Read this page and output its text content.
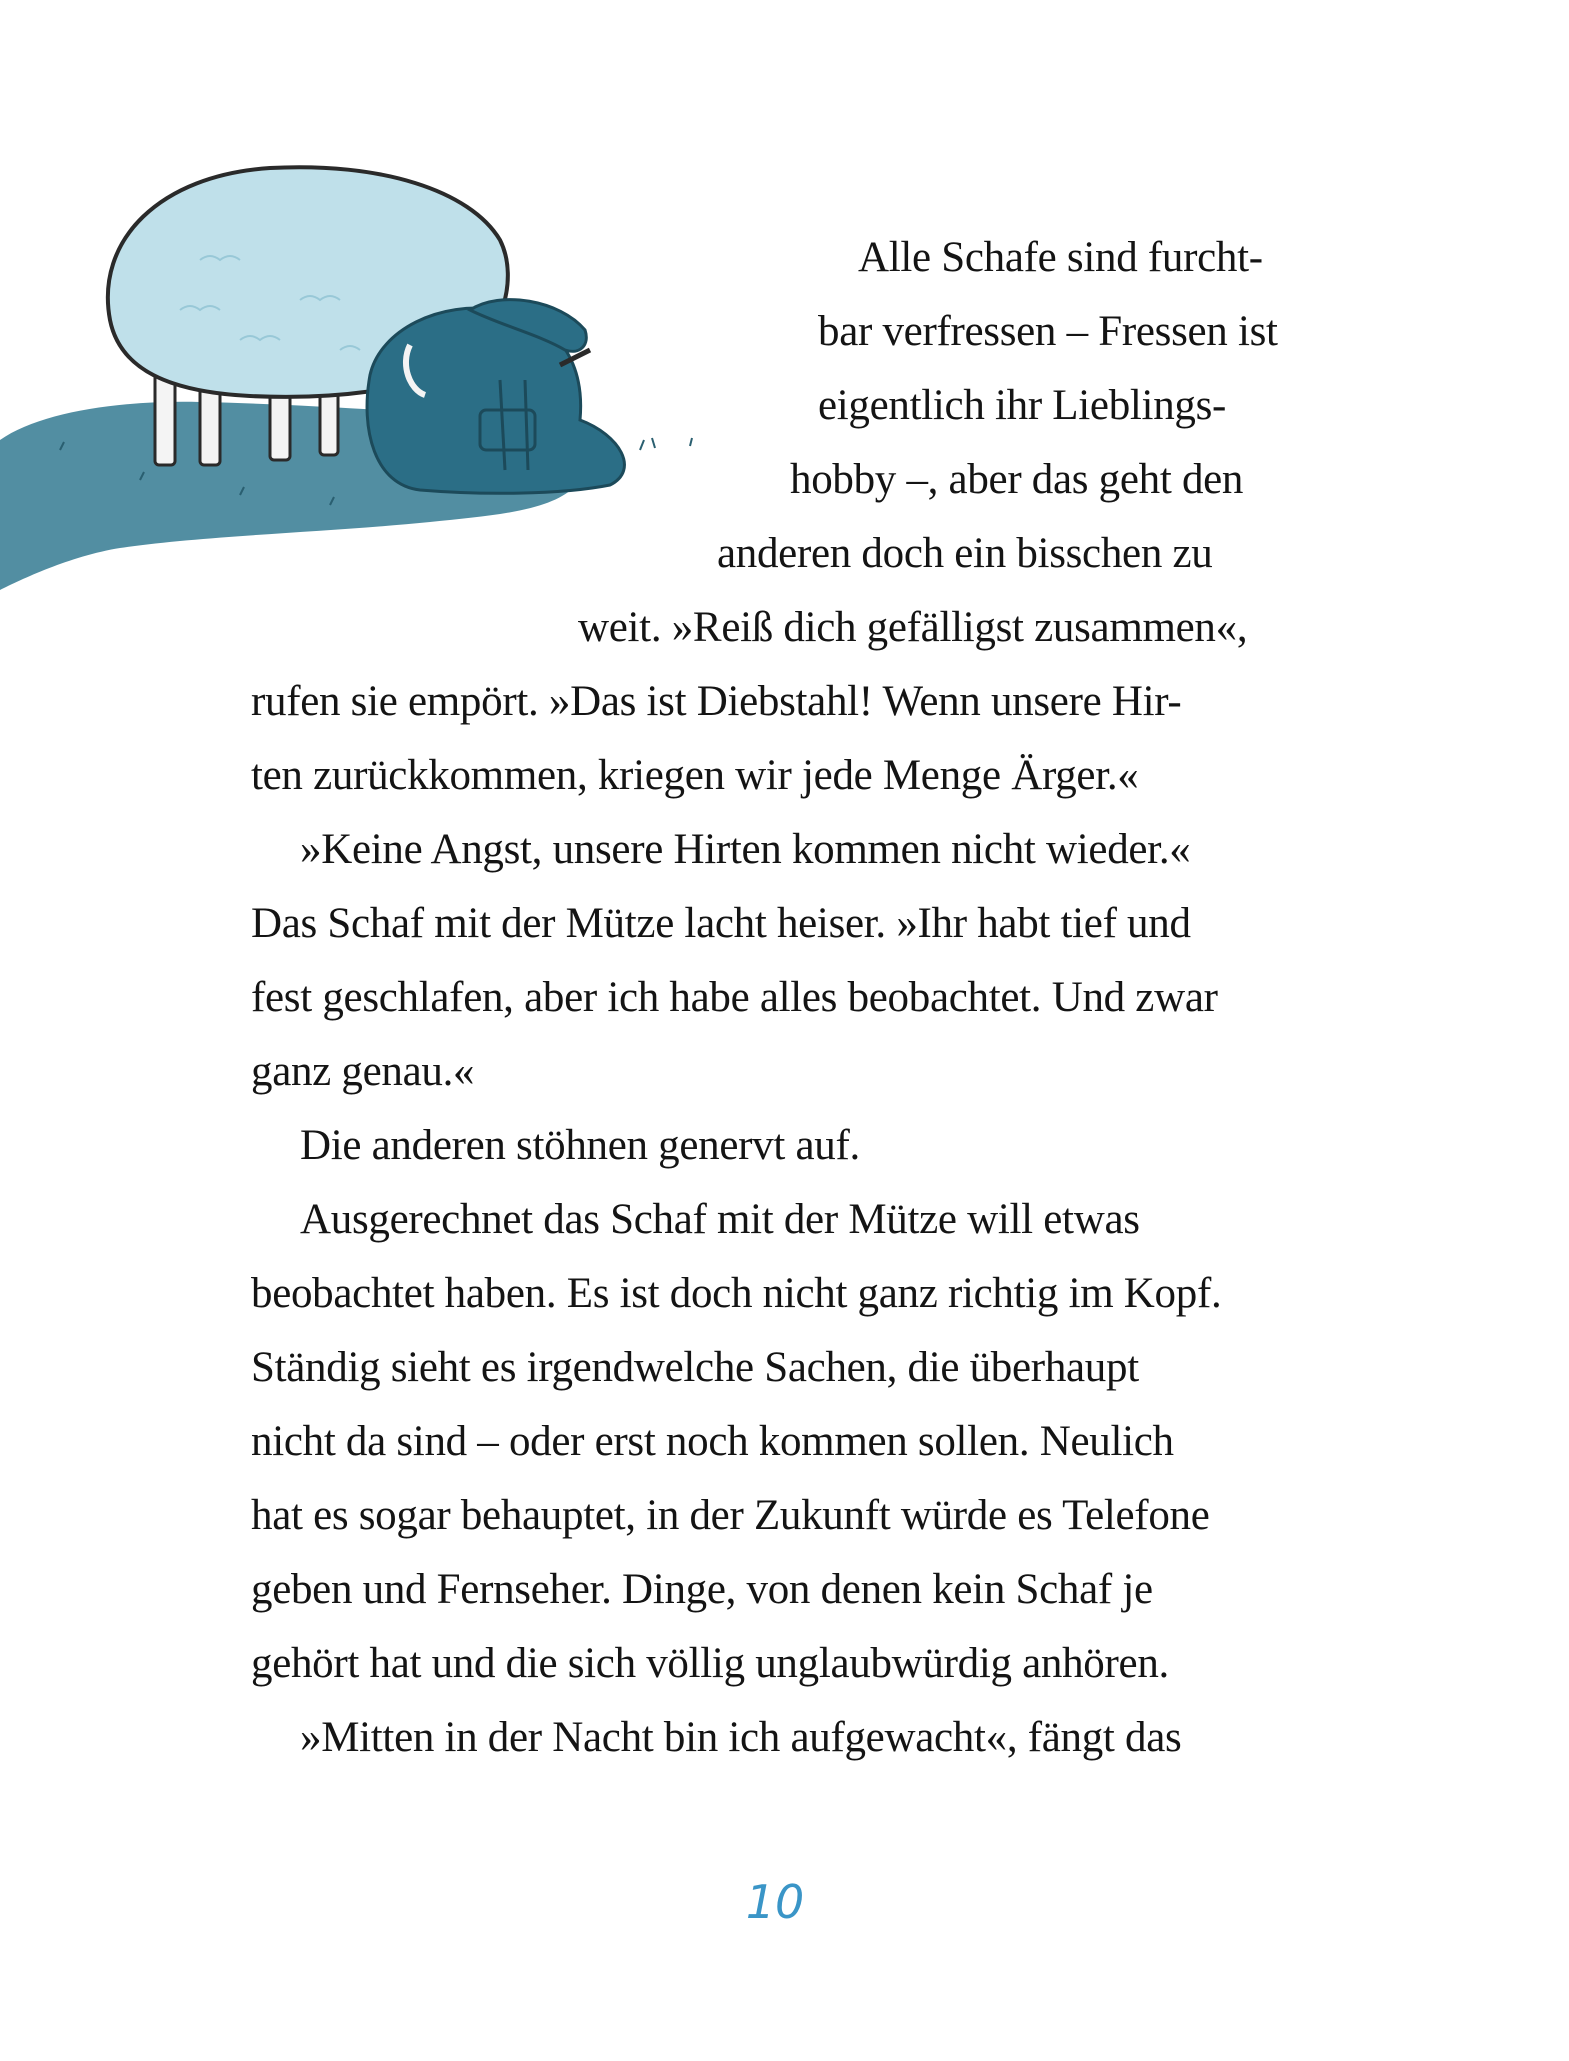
Alle Schafe sind furcht-
bar verfressen – Fressen ist
eigentlich ihr Lieblings-
hobby –, aber das geht den
anderen doch ein bisschen zu
weit. »Reiß dich gefälligst zusammen«,
rufen sie empört. »Das ist Diebstahl! Wenn unsere Hir-
ten zurückkommen, kriegen wir jede Menge Ärger.«
»Keine Angst, unsere Hirten kommen nicht wieder.«
Das Schaf mit der Mütze lacht heiser. »Ihr habt tief und
fest geschlafen, aber ich habe alles beobachtet. Und zwar
ganz genau.«
Die anderen stöhnen genervt auf.
Ausgerechnet das Schaf mit der Mütze will etwas
beobachtet haben. Es ist doch nicht ganz richtig im Kopf.
Ständig sieht es irgendwelche Sachen, die überhaupt
nicht da sind – oder erst noch kommen sollen. Neulich
hat es sogar behauptet, in der Zukunft würde es Telefone
geben und Fernseher. Dinge, von denen kein Schaf je
gehört hat und die sich völlig unglaubwürdig anhören.
»Mitten in der Nacht bin ich aufgewacht«, fängt das
10
